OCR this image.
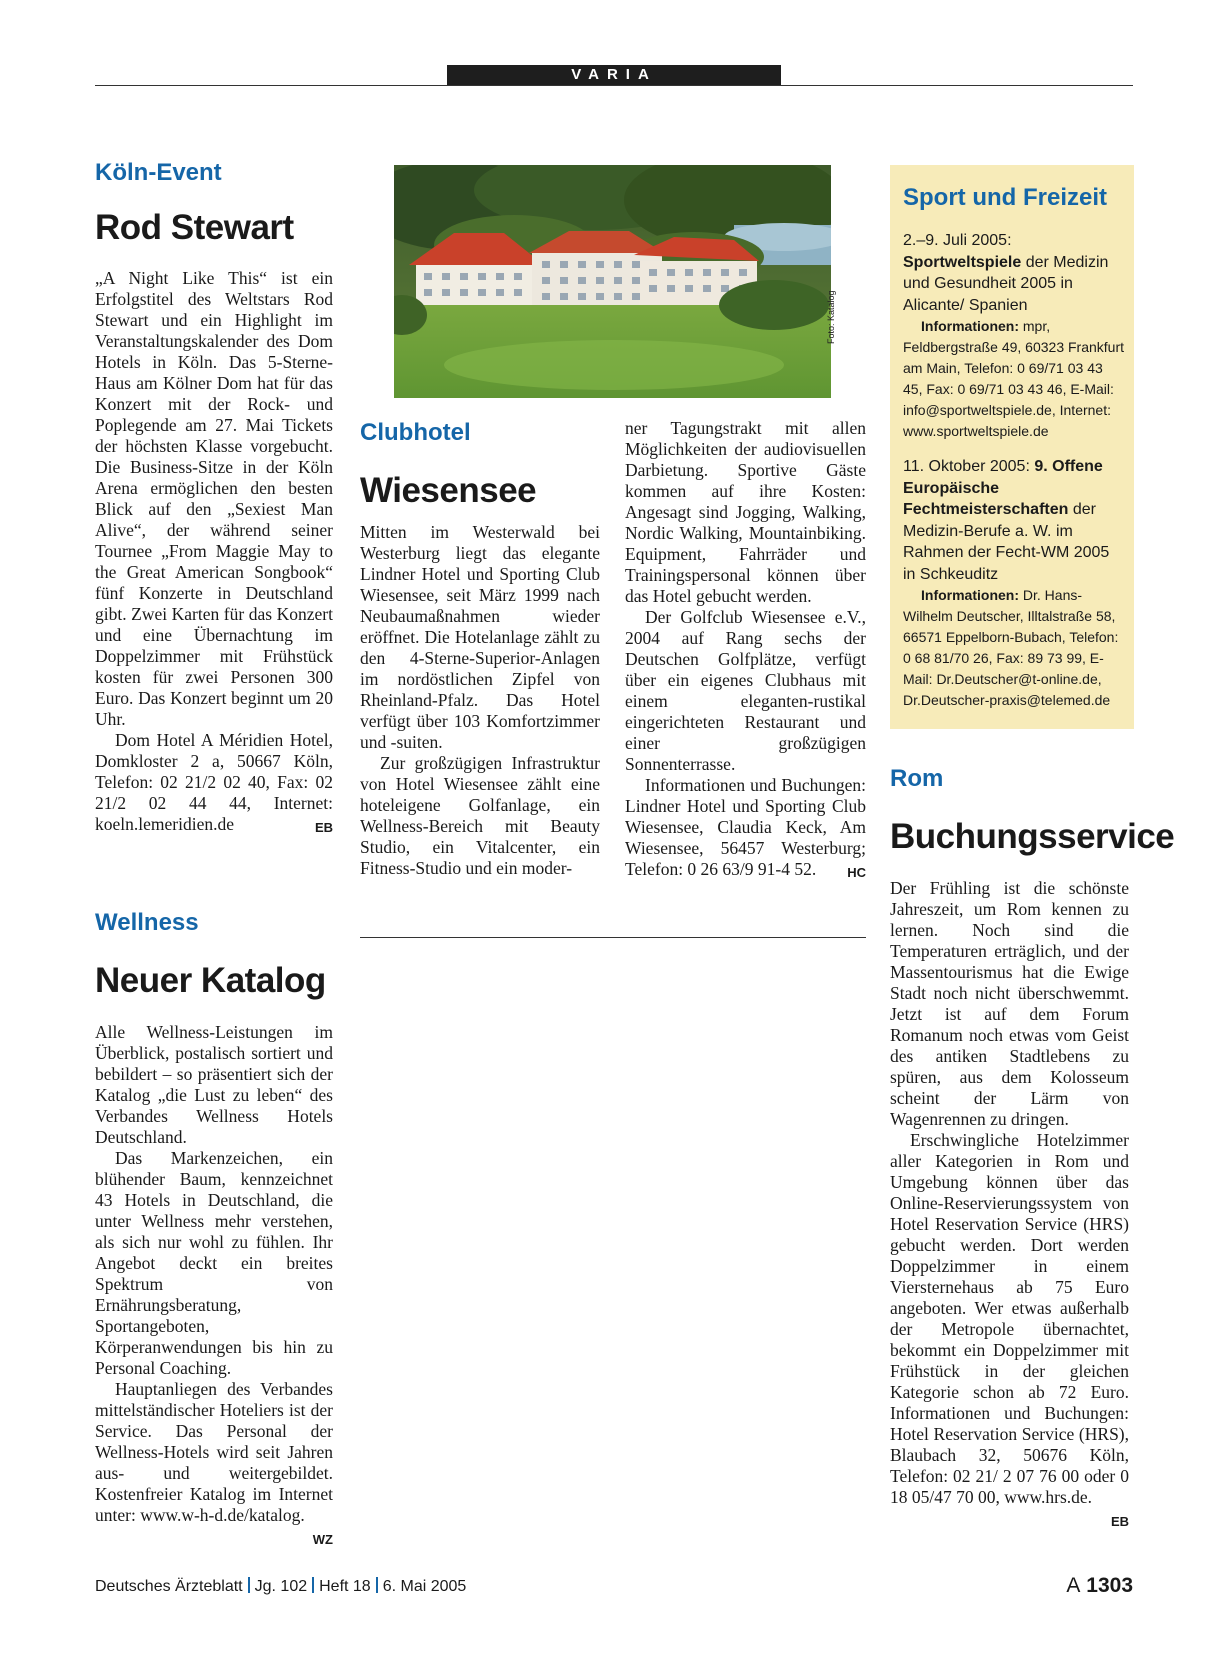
VARIA
Köln-Event
Rod Stewart

„A Night Like This“ ist ein Erfolgstitel des Weltstars Rod Stewart und ein Highlight im Veranstaltungskalender des Dom Hotels in Köln. Das 5-Sterne-Haus am Kölner Dom hat für das Konzert mit der Rock- und Poplegende am 27. Mai Tickets der höchsten Klasse vorgebucht. Die Business-Sitze in der Köln Arena ermöglichen den besten Blick auf den „Sexiest Man Alive“, der während seiner Tournee „From Maggie May to the Great American Songbook“ fünf Konzerte in Deutschland gibt. Zwei Karten für das Konzert und eine Übernachtung im Doppelzimmer mit Frühstück kosten für zwei Personen 300 Euro. Das Konzert beginnt um 20 Uhr.

Dom Hotel A Méridien Hotel, Domkloster 2 a, 50667 Köln, Telefon: 02 21/2 02 40, Fax: 02 21/2 02 44 44, Internet: koeln.lemeridien.de	EB

Wellness
Neuer Katalog

Alle Wellness-Leistungen im Überblick, postalisch sortiert und bebildert – so präsentiert sich der Katalog „die Lust zu leben“ des Verbandes Wellness Hotels Deutschland.

Das Markenzeichen, ein blühender Baum, kennzeichnet 43 Hotels in Deutschland, die unter Wellness mehr verstehen, als sich nur wohl zu fühlen. Ihr Angebot deckt ein breites Spektrum von Ernährungsberatung, Sportangeboten, Körperanwendungen bis hin zu Personal Coaching.

Hauptanliegen des Verbandes mittelständischer Hoteliers ist der Service. Das Personal der Wellness-Hotels wird seit Jahren aus- und weitergebildet. Kostenfreier Katalog im Internet unter: www.w-h-d.de/katalog.
WZ

Foto: Katalog
Clubhotel
Wiesensee

Mitten im Westerwald bei Westerburg liegt das elegante Lindner Hotel und Sporting Club Wiesensee, seit März 1999 nach Neubaumaßnahmen wieder eröffnet. Die Hotelanlage zählt zu den 4-Sterne-Superior-Anlagen im nordöstlichen Zipfel von Rheinland-Pfalz. Das Hotel verfügt über 103 Komfortzimmer und -suiten.

Zur großzügigen Infrastruktur von Hotel Wiesensee zählt eine hoteleigene Golfanlage, ein Wellness-Bereich mit Beauty Studio, ein Vitalcenter, ein Fitness-Studio und ein moder-

ner Tagungstrakt mit allen Möglichkeiten der audiovisuellen Darbietung. Sportive Gäste kommen auf ihre Kosten: Angesagt sind Jogging, Walking, Nordic Walking, Mountainbiking. Equipment, Fahrräder und Trainingspersonal können über das Hotel gebucht werden.

Der Golfclub Wiesensee e.V., 2004 auf Rang sechs der Deutschen Golfplätze, verfügt über ein eigenes Clubhaus mit einem eleganten-rustikal eingerichteten Restaurant und einer großzügigen Sonnenterrasse.

Informationen und Buchungen: Lindner Hotel und Sporting Club Wiesensee, Claudia Keck, Am Wiesensee, 56457 Westerburg; Telefon: 0 26 63/9 91-4 52.	HC

Sport und Freizeit
2.–9. Juli 2005: Sportweltspiele der Medizin und Gesundheit 2005 in Alicante/ Spanien
Informationen: mpr, Feldbergstraße 49, 60323 Frankfurt am Main, Telefon: 0 69/71 03 43 45, Fax: 0 69/71 03 43 46, E-Mail: info@sportweltspiele.de, Internet: www.sportweltspiele.de
11. Oktober 2005: 9. Offene Europäische Fechtmeisterschaften der Medizin-Berufe a. W. im Rahmen der Fecht-WM 2005 in Schkeuditz
Informationen: Dr. Hans-Wilhelm Deutscher, Illtalstraße 58, 66571 Eppelborn-Bubach, Telefon: 0 68 81/70 26, Fax: 89 73 99, E-Mail: Dr.Deutscher@t-online.de, Dr.Deutscher-praxis@telemed.de
Rom
Buchungsservice

Der Frühling ist die schönste Jahreszeit, um Rom kennen zu lernen. Noch sind die Temperaturen erträglich, und der Massentourismus hat die Ewige Stadt noch nicht überschwemmt. Jetzt ist auf dem Forum Romanum noch etwas vom Geist des antiken Stadtlebens zu spüren, aus dem Kolosseum scheint der Lärm von Wagenrennen zu dringen.

Erschwingliche Hotelzimmer aller Kategorien in Rom und Umgebung können über das Online-Reservierungssystem von Hotel Reservation Service (HRS) gebucht werden. Dort werden Doppelzimmer in einem Viersternehaus ab 75 Euro angeboten. Wer etwas außerhalb der Metropole übernachtet, bekommt ein Doppelzimmer mit Frühstück in der gleichen Kategorie schon ab 72 Euro. Informationen und Buchungen: Hotel Reservation Service (HRS), Blaubach 32, 50676 Köln, Telefon: 02 21/ 2 07 76 00 oder 0 18 05/47 70 00, www.hrs.de.
EB

Deutsches Ärzteblatt Jg. 102 Heft 18 6. Mai 2005	A 1303
